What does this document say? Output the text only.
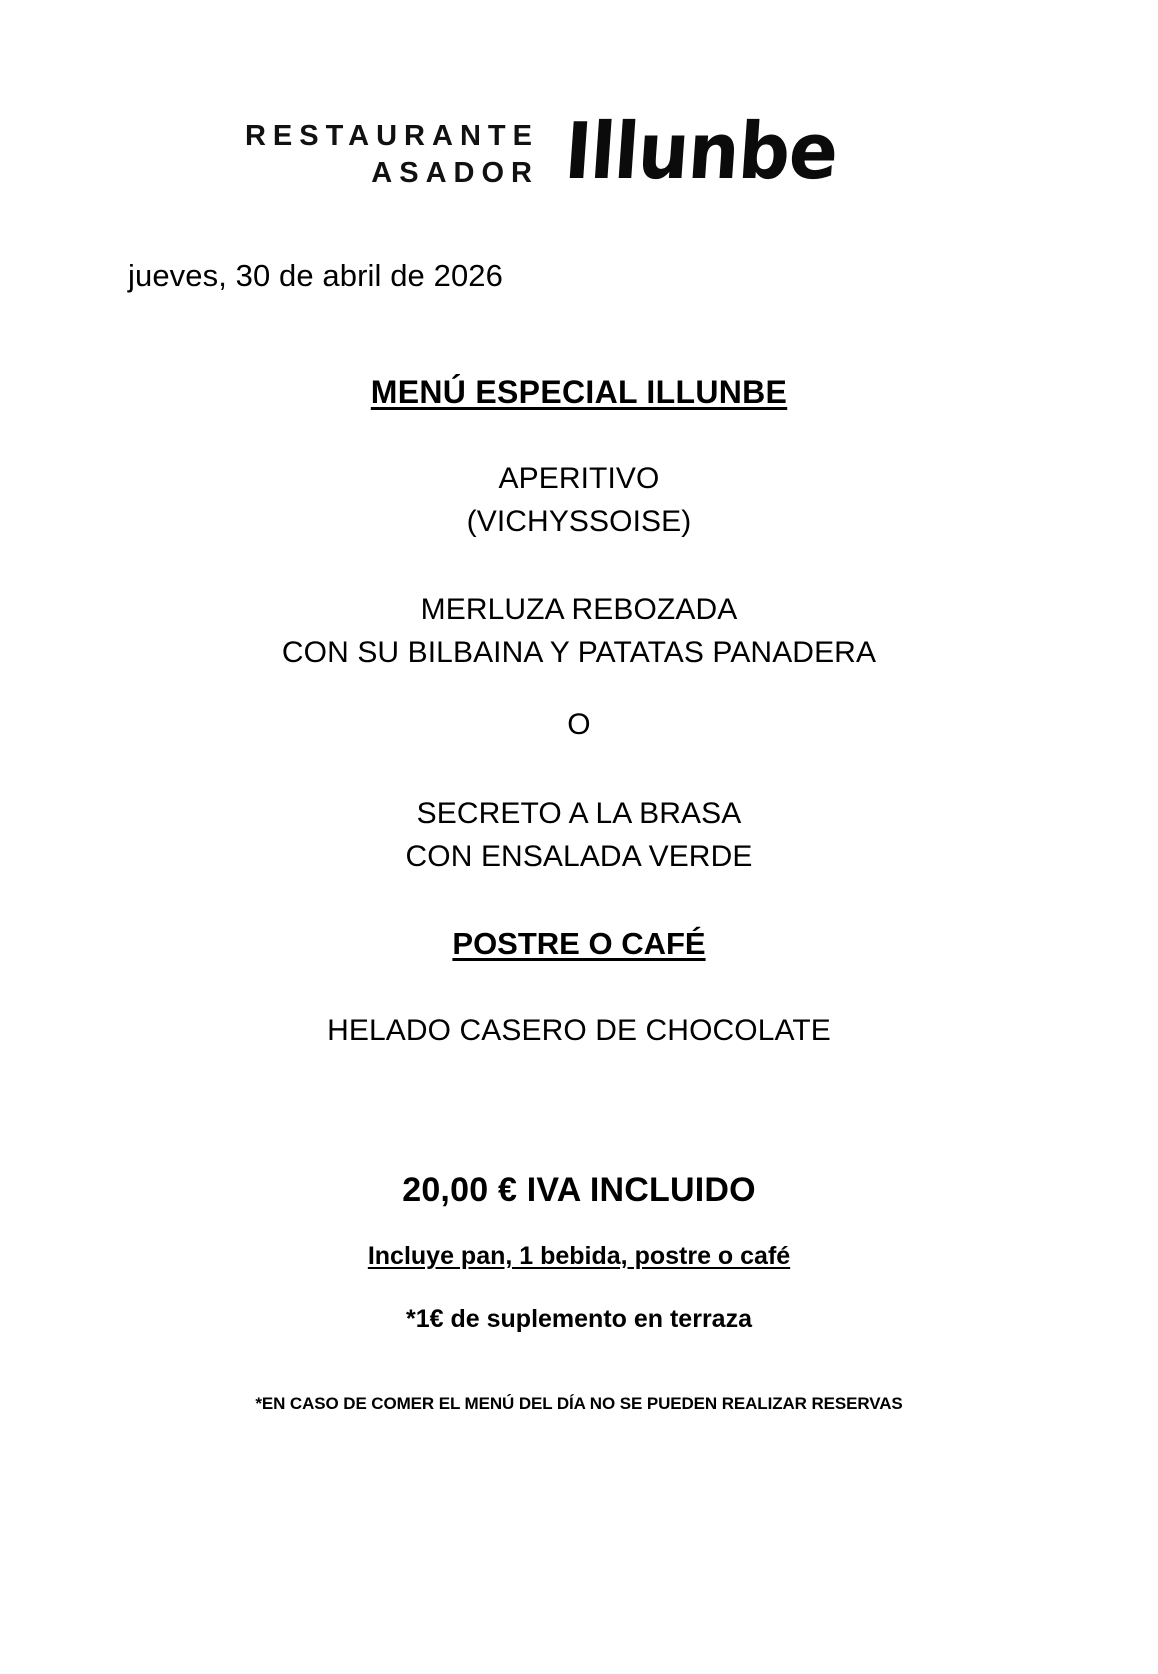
RESTAURANTE
ASADOR Illunbe
jueves, 30 de abril de 2026

MENÚ ESPECIAL ILLUNBE

APERITIVO

(VICHYSSOISE)

MERLUZA REBOZADA

CON SU BILBAINA Y PATATAS PANADERA

O

SECRETO A LA BRASA

CON ENSALADA VERDE

POSTRE O CAFÉ

HELADO CASERO DE CHOCOLATE

20,00 € IVA INCLUIDO

Incluye pan, 1 bebida, postre o café

*1€ de suplemento en terraza

*EN CASO DE COMER EL MENÚ DEL DÍA NO SE PUEDEN REALIZAR RESERVAS
